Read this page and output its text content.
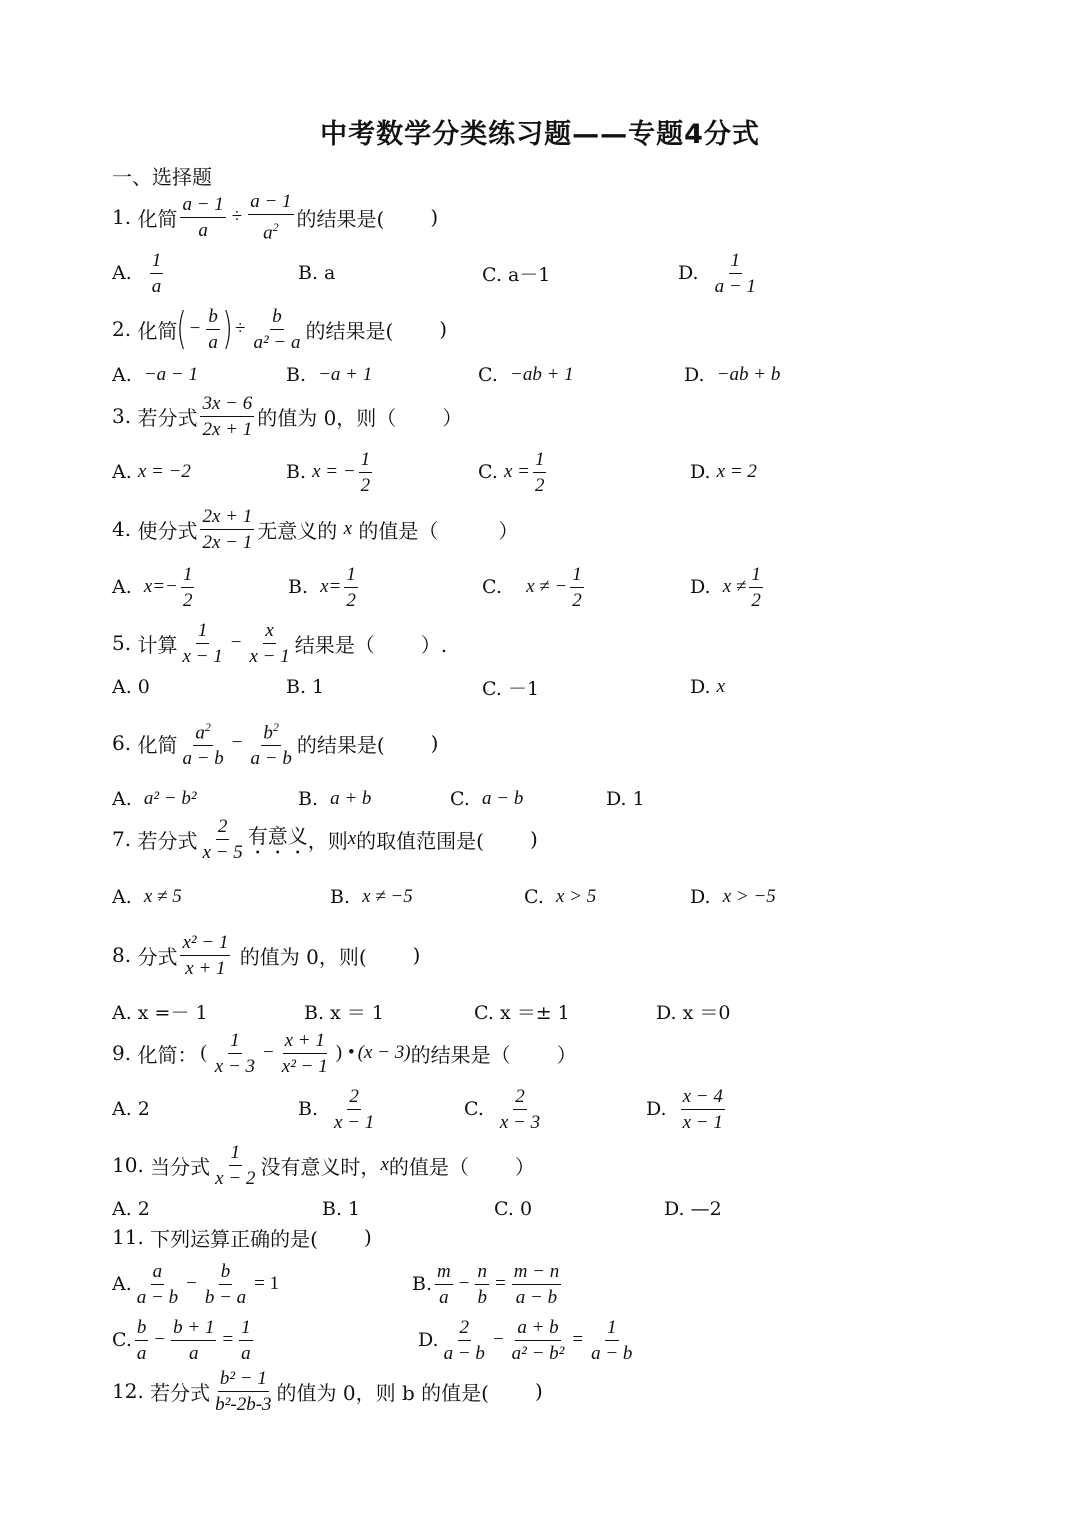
中考数学分类练习题——专题4分式
一、选择题
1.
化简 $\frac{a - 1}{a} \div \frac{a - 1}{a^2}$ 的结果是( )
A.
1
a
B. a	C. a－1	D.
1
a − 1
2.
化简 ( − $\frac{b}{a}$ ) ÷ $\frac{b}{\text{a² − a}}$ 的结果是( )
A.
−a − 1	B.
−a + 1	C.
−ab + 1	D.
−ab + b
3.
若分式
3x − 6
2x + 1 的值为 0，则（ ）
A.
x = −2	B.
x = − $\frac{1}{2}$	C.
$x = \frac{1}{2}$	D.
x = 2
4.
使分式
2x + 1
2x − 1 无意义的
x
的值是（	）
A.
$x=- \frac{1}{2}$	B.
$x= \frac{1}{2}$	C.
x ≠ − $\frac{1}{2}$	D.
x ≠
1
2
5.
计算
1
x − 1
− $\frac{x}{x - 1}$ 结果是（ ）.
A. 0	B. 1	C. －1	D.
x
6.
化简 $a^2$
a − b
− $\frac{b^2}{a - b}$ 的结果是( )
A.
a² − b²	B.
a + b	C.
a − b	D. 1
7.
若分式
2
x − 5
有意义 ，则 x 的取值范围是( )
A.
x ≠ 5	B.
x ≠ −5	C.
x > 5	D.
x > −5
8.
分式
x² − 1
x + 1
的值为 0，则( )
A. x =－ 1	B. x ＝ 1	C. x ＝± 1	D. x ＝0
9.
化简： (
1
x − 3
− $\frac{x + 1}{\text{x² − 1}}$ ) • (x − 3) 的结果是（ ）
A. 2	B.
2
x − 1
C.
2
x − 3
D.
x − 4
x − 1
10.
当分式
1
x − 2 没有意义时， x 的值是（ ）
A. 2	B. 1	C. 0	D. —2
11.
下列运算正确的是( )
A.
a
a − b
− $\frac{b}{b - a} = 1$	B.
m
a
− $\frac{n}{b} = \frac{m - n}{a - b}$
C.
b
a
− $\frac{b + 1}{a} = \frac{1}{a}$	D.
2
a − b
− $\frac{a + b}{\text{a² − b²}} = \frac{1}{a - b}$
12.
若分式
b² − 1
b²-2b-3 的值为 0，则 b 的值是( )
